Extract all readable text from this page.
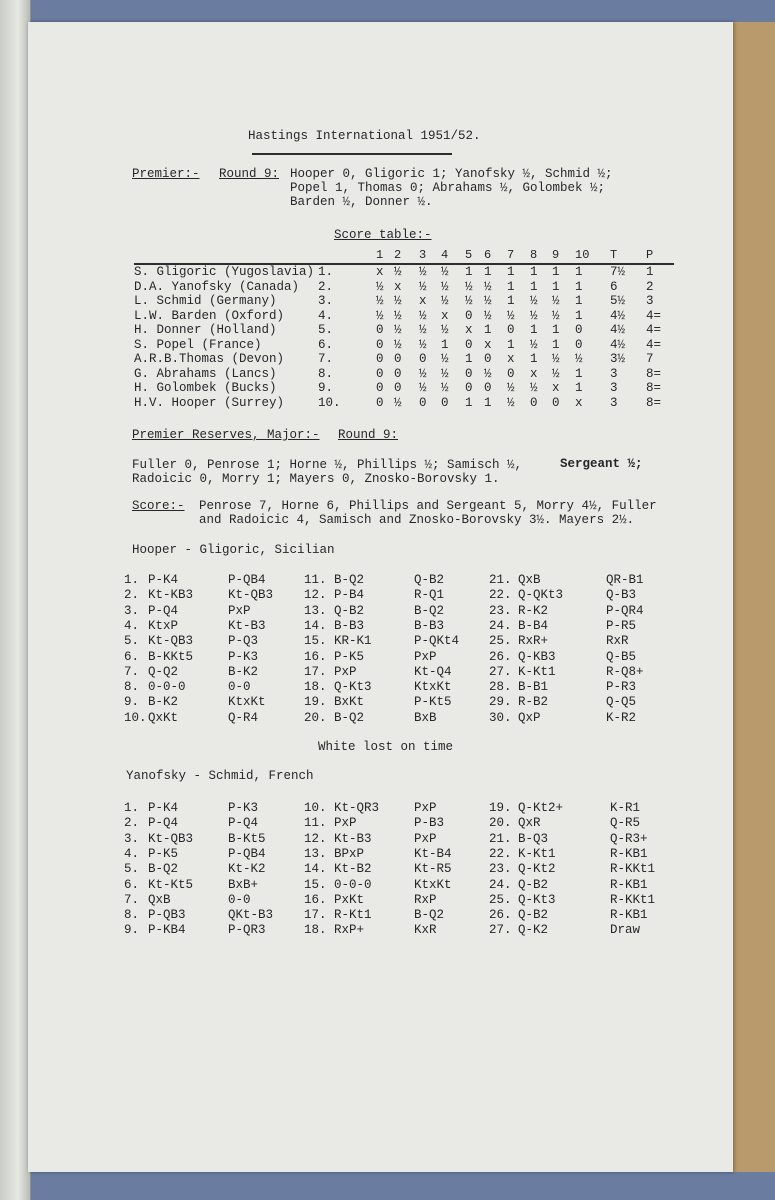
Hastings International 1951/52.
Premier:- Round 9: Hooper 0, Gligoric 1; Yanofsky ½, Schmid ½;
Popel 1, Thomas 0; Abrahams ½, Golombek ½;
Barden ½, Donner ½.
Score table:-
1 2 3 4 5 6 7 8 9 10 T P
S. Gligoric (Yugoslavia) 1.	x ½ ½ ½ 1 1 1 1 1 1 7½ 1
D.A. Yanofsky (Canada) 2.	½ x ½ ½ ½ ½ 1 1 1 1 6 2
L. Schmid (Germany)	3.	½ ½ x ½ ½ ½ 1 ½ ½ 1 5½ 3
L.W. Barden (Oxford)	4.	½ ½ ½ x 0 ½ ½ ½ ½ 1 4½ 4=
H. Donner (Holland)	5.	0 ½ ½ ½ x 1 0 1 1 0 4½ 4=
S. Popel (France)	6.	0 ½ ½ 1 0 x 1 ½ 1 0 4½ 4=
A.R.B.Thomas (Devon)	7.	0 0 0 ½ 1 0 x 1 ½ ½ 3½ 7
G. Abrahams (Lancs)	8.	0 0 ½ ½ 0 ½ 0 x ½ 1 3 8=
H. Golombek (Bucks)	9.	0 0 ½ ½ 0 0 ½ ½ x 1 3 8=
H.V. Hooper (Surrey)	10.	0 ½ 0 0 1 1 ½ 0 0 x 3 8=
Premier Reserves, Major:- Round 9:
Fuller 0, Penrose 1; Horne ½, Phillips ½; Samisch ½,	Sergeant ½;
Radoicic 0, Morry 1; Mayers 0, Znosko-Borovsky 1.
Score:- Penrose 7, Horne 6, Phillips and Sergeant 5, Morry 4½, Fuller
and Radoicic 4, Samisch and Znosko-Borovsky 3½. Mayers 2½.
Hooper - Gligoric, Sicilian
1. P-K4	P-QB4	11. B-Q2	Q-B2	21. QxB	QR-B1
2. Kt-KB3	Kt-QB3 12. P-B4	R-Q1	22. Q-QKt3	Q-B3
3. P-Q4	PxP	13. Q-B2	B-Q2	23. R-K2	P-QR4
4. KtxP	Kt-B3	14. B-B3	B-B3	24. B-B4	P-R5
5. Kt-QB3	P-Q3	15. KR-K1	P-QKt4 25. RxR+	RxR
6. B-KKt5	P-K3	16. P-K5	PxP	26. Q-KB3	Q-B5
7. Q-Q2	B-K2	17. PxP	Kt-Q4	27. K-Kt1	R-Q8+
8. 0-0-0	0-0	18. Q-Kt3	KtxKt	28. B-B1	P-R3
9. B-K2	KtxKt	19. BxKt	P-Kt5	29. R-B2	Q-Q5
10. QxKt	Q-R4	20. B-Q2	BxB	30. QxP	K-R2
White lost on time
Yanofsky - Schmid, French
1. P-K4	P-K3	10. Kt-QR3	PxP	19. Q-Kt2+	K-R1
2. P-Q4	P-Q4	11. PxP	P-B3	20. QxR	Q-R5
3. Kt-QB3	B-Kt5	12. Kt-B3	PxP	21. B-Q3	Q-R3+
4. P-K5	P-QB4	13. BPxP	Kt-B4	22. K-Kt1	R-KB1
5. B-Q2	Kt-K2	14. Kt-B2	Kt-R5	23. Q-Kt2	R-KKt1
6. Kt-Kt5	BxB+	15. 0-0-0	KtxKt	24. Q-B2	R-KB1
7. QxB	0-0	16. PxKt	RxP	25. Q-Kt3	R-KKt1
8. P-QB3	QKt-B3 17. R-Kt1	B-Q2	26. Q-B2	R-KB1
9. P-KB4	P-QR3	18. RxP+	KxR	27. Q-K2	Draw
